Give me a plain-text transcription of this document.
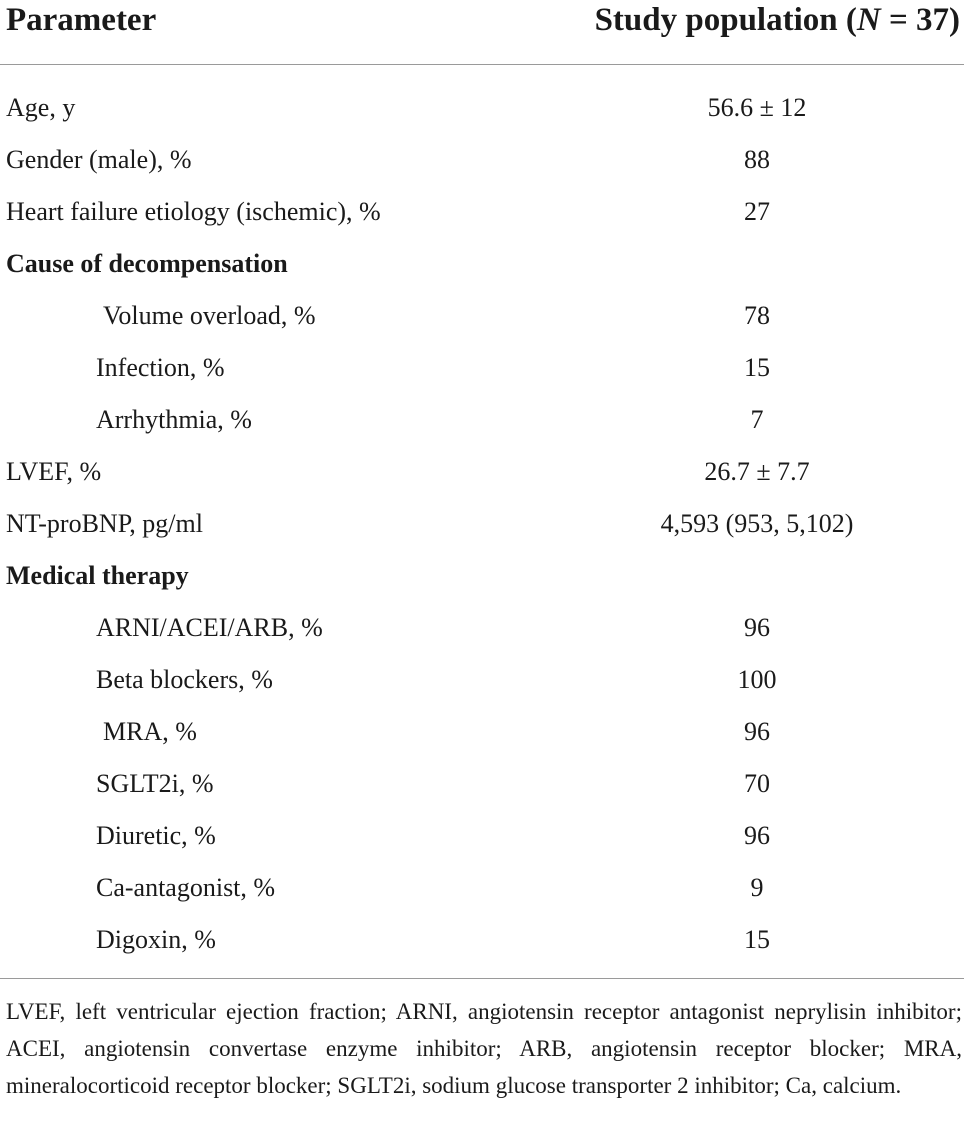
Parameter	Study population (N = 37)
Age, y	56.6 ± 12
Gender (male), %	88
Heart failure etiology (ischemic), %	27
Cause of decompensation
Volume overload, %	78
Infection, %	15
Arrhythmia, %	7
LVEF, %	26.7 ± 7.7
NT-proBNP, pg/ml	4,593 (953, 5,102)
Medical therapy
ARNI/ACEI/ARB, %	96
Beta blockers, %	100
MRA, %	96
SGLT2i, %	70
Diuretic, %	96
Ca-antagonist, %	9
Digoxin, %	15
LVEF, left ventricular ejection fraction; ARNI, angiotensin receptor antagonist neprylisin inhibitor; ACEI, angiotensin convertase enzyme inhibitor; ARB, angiotensin receptor blocker; MRA, mineralocorticoid receptor blocker; SGLT2i, sodium glucose transporter 2 inhibitor; Ca, calcium.
